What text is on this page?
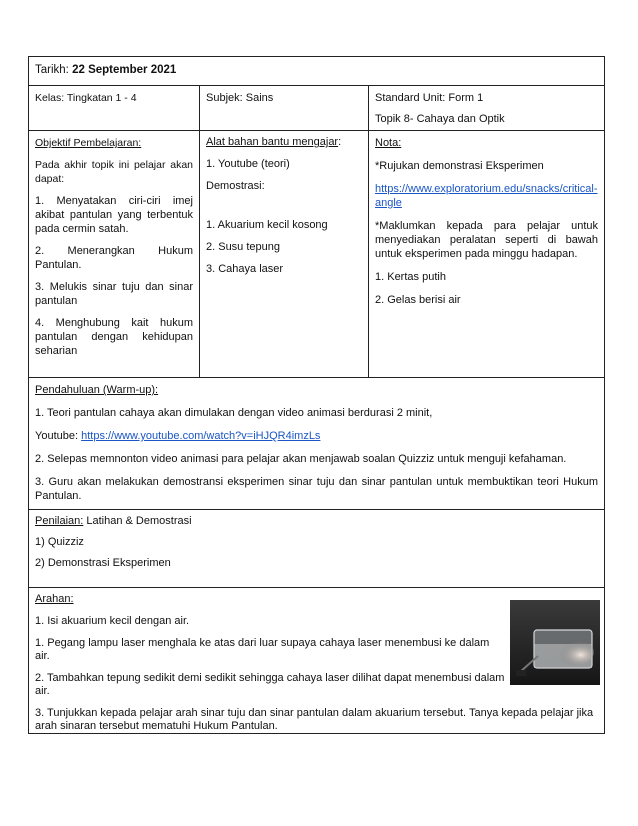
Tarikh: 22 September 2021

Kelas: Tingkatan 1 - 4	Subjek: Sains	Standard Unit: Form 1

Topik 8- Cahaya dan Optik

Objektif Pembelajaran:

Pada akhir topik ini pelajar akan dapat:

1. Menyatakan ciri-ciri imej akibat pantulan yang terbentuk pada cermin satah.

2. Menerangkan Hukum Pantulan.

3. Melukis sinar tuju dan sinar pantulan

4. Menghubung kait hukum pantulan dengan kehidupan seharian

Alat bahan bantu mengajar:

1. Youtube (teori)

Demostrasi:

1. Akuarium kecil kosong

2. Susu tepung

3. Cahaya laser

Nota:

*Rujukan demonstrasi Eksperimen

https://www.exploratorium.edu/snacks/critical-angle

*Maklumkan kepada para pelajar untuk menyediakan peralatan seperti di bawah untuk eksperimen pada minggu hadapan.

1. Kertas putih

2. Gelas berisi air

Pendahuluan (Warm-up):

1. Teori pantulan cahaya akan dimulakan dengan video animasi berdurasi 2 minit,

Youtube: https://www.youtube.com/watch?v=iHJQR4imzLs

2. Selepas memnonton video animasi para pelajar akan menjawab soalan Quizziz untuk menguji kefahaman.

3. Guru akan melakukan demostransi eksperimen sinar tuju dan sinar pantulan untuk membuktikan teori Hukum Pantulan.

Penilaian: Latihan & Demostrasi

1) Quizziz

2) Demonstrasi Eksperimen

Arahan:

1. Isi akuarium kecil dengan air.

1. Pegang lampu laser menghala ke atas dari luar supaya cahaya laser menembusi ke dalam air.

2. Tambahkan tepung sedikit demi sedikit sehingga cahaya laser dilihat dapat menembusi dalam air.

3. Tunjukkan kepada pelajar arah sinar tuju dan sinar pantulan dalam akuarium tersebut. Tanya kepada pelajar jika arah sinaran tersebut mematuhi Hukum Pantulan.
